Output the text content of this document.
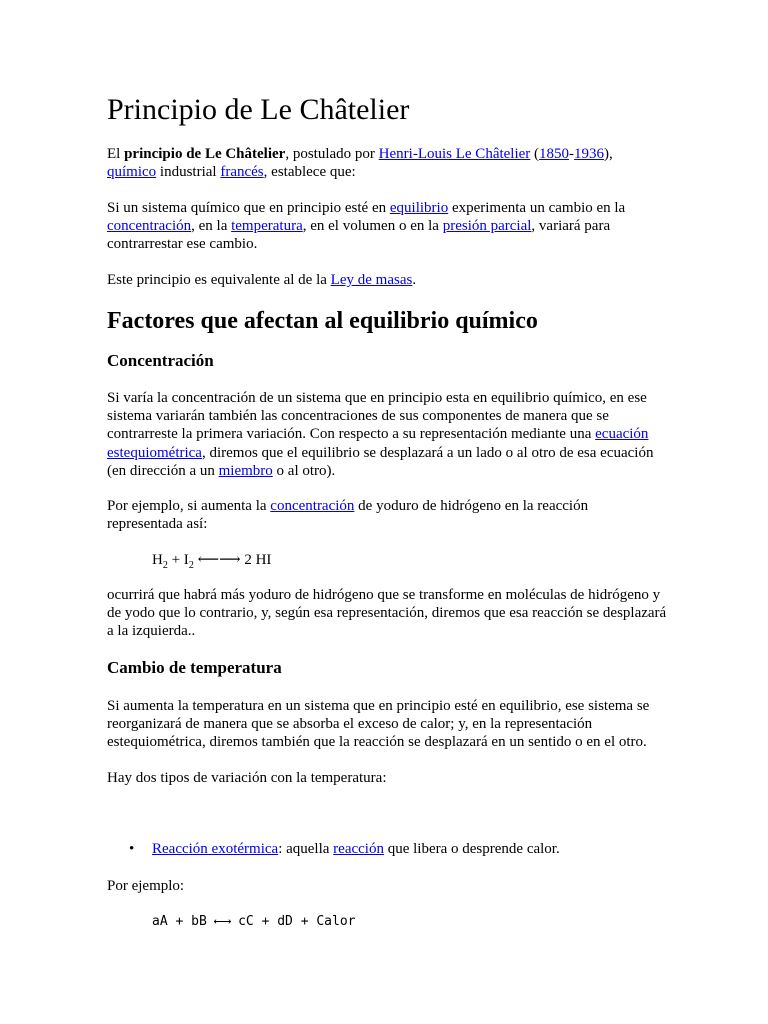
Principio de Le Châtelier

El principio de Le Châtelier, postulado por Henri-Louis Le Châtelier (1850-1936),
químico industrial francés, establece que:

Si un sistema químico que en principio esté en equilibrio experimenta un cambio en la concentración, en la temperatura, en el volumen o en la presión parcial, variará para contrarrestar ese cambio.

Este principio es equivalente al de la Ley de masas.

Factores que afectan al equilibrio químico
Concentración

Si varía la concentración de un sistema que en principio esta en equilibrio químico, en ese sistema variarán también las concentraciones de sus componentes de manera que se contrarreste la primera variación. Con respecto a su representación mediante una ecuación estequiométrica, diremos que el equilibrio se desplazará a un lado o al otro de esa ecuación (en dirección a un miembro o al otro).

Por ejemplo, si aumenta la concentración de yoduro de hidrógeno en la reacción representada así:

$H_2 + I_2$ ⟵⟶ 2 HI

ocurrirá que habrá más yoduro de hidrógeno que se transforme en moléculas de hidrógeno y de yodo que lo contrario, y, según esa representación, diremos que esa reacción se desplazará a la izquierda..

Cambio de temperatura

Si aumenta la temperatura en un sistema que en principio esté en equilibrio, ese sistema se reorganizará de manera que se absorba el exceso de calor; y, en la representación estequiométrica, diremos también que la reacción se desplazará en un sentido o en el otro.

Hay dos tipos de variación con la temperatura:

• Reacción exotérmica: aquella reacción que libera o desprende calor.

Por ejemplo:

aA + bB ⟵⟶ cC + dD + Calor
